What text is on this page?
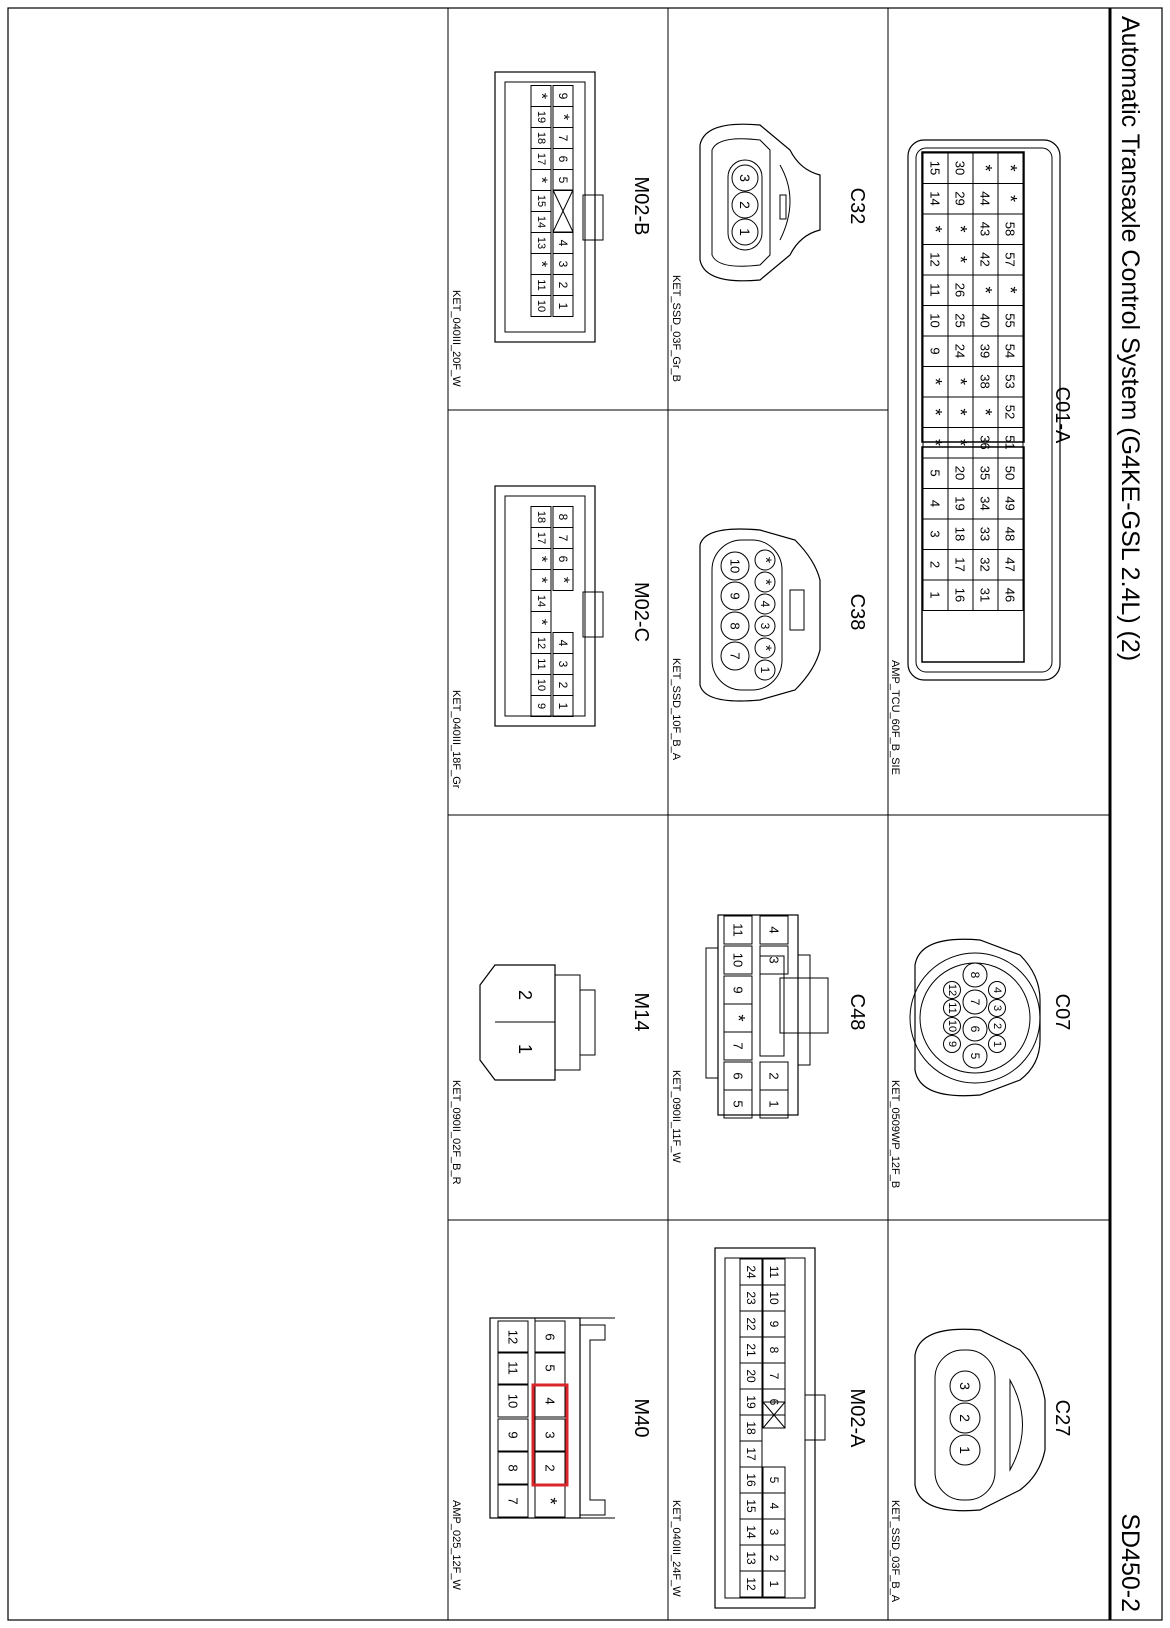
Automatic Transaxle Control System (G4KE-GSL 2.4L) (2)
SD450-2
C01-A
AMP_TCU_60F_B_SIE
*
*
58
57
*
55
54
53
52
51
50
49
48
47
46
*
44
43
42
*
40
39
38
*
36
35
34
33
32
31
30
29
*
*
26
25
24
*
*
*
20
19
18
17
16
15
14
*
12
11
10
9
*
*
*
5
4
3
2
1
C32
KET_SSD_03F_Gr_B
3
2
1
C38
KET_SSD_10F_B_A
*
*
4
3
*
1
10
9
8
7
C07
KET_0509WP_12F_B
4
3
2
1
8
7
6
5
12
11
10
9
C48
KET_090II_11F_W
4
3
2
1
11
10
9
*
7
6
5
C27
KET_SSD_03F_B_A
3
2
1
M02-A
KET_040III_24F_W
11
10
9
8
7
6
5
4
3
2
1
24
23
22
21
20
19
18
17
16
15
14
13
12
M02-B
KET_040III_20F_W
9
*
7
6
5
4
3
2
1
*
19
18
17
*
15
14
13
*
11
10
M02-C
KET_040III_18F_Gr
8
7
6
*
4
3
2
1
18
17
*
*
14
*
12
11
10
9
M14
KET_090II_02F_B_R
2
1
M40
AMP_025_12F_W
6
5
4
3
2
*
12
11
10
9
8
7
